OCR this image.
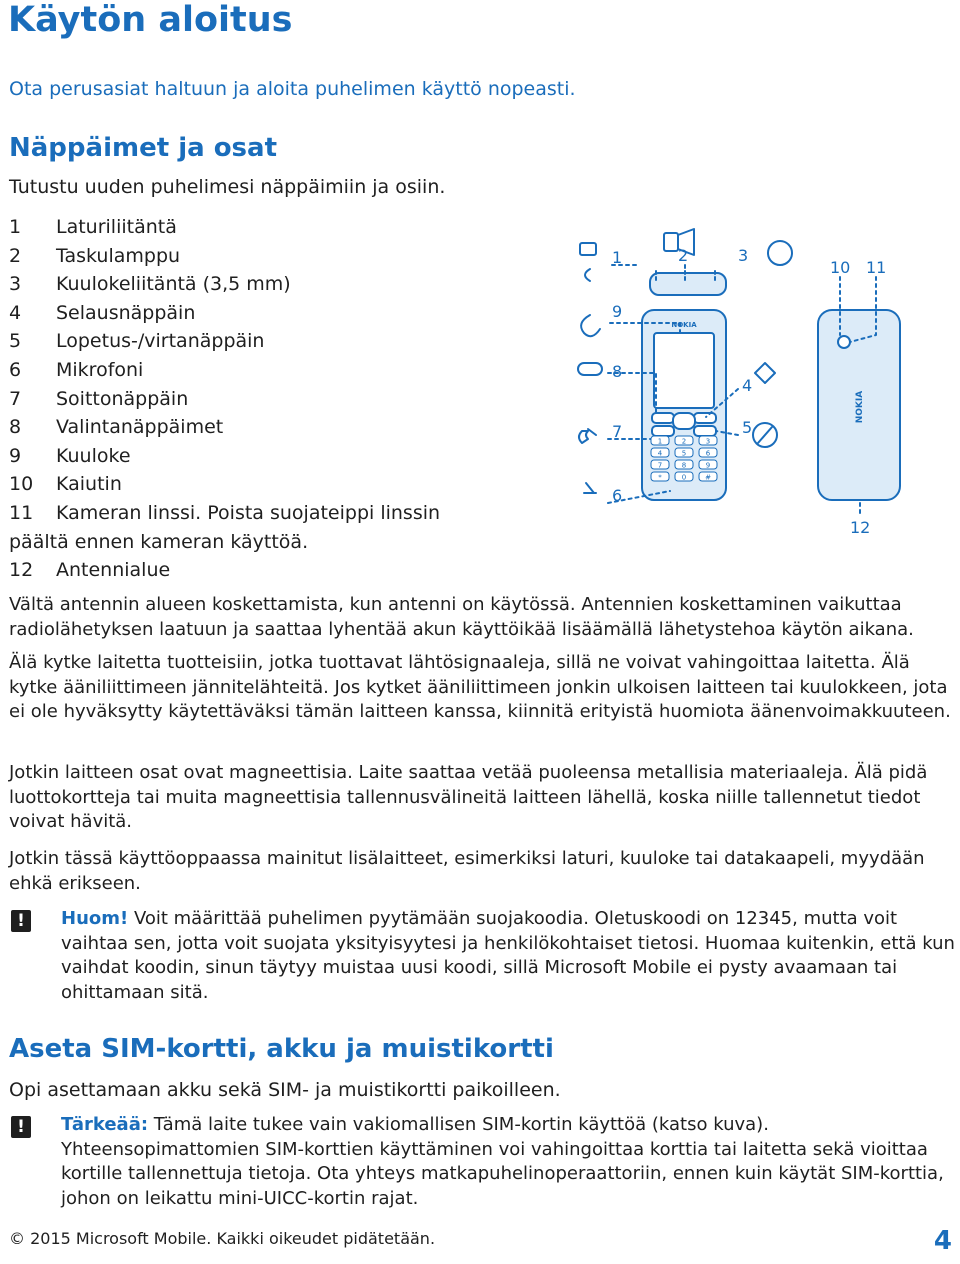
Käytön aloitus
Ota perusasiat haltuun ja aloita puhelimen käyttö nopeasti.
Näppäimet ja osat
Tutustu uuden puhelimesi näppäimiin ja osiin.
1 Laturiliitäntä
2 Taskulamppu
3 Kuulokeliitäntä (3,5 mm)
4 Selausnäppäin
5 Lopetus-/virtanäppäin
6 Mikrofoni
7 Soittonäppäin
8 Valintanäppäimet
9 Kuuloke
10 Kaiutin
11 Kameran linssi. Poista suojateippi linssin päältä ennen kameran käyttöä.
12 Antennialue
1	2	3
4
5
6
7
8
9
10 11
12
NOKIA
NOKIA
1	2	3
4	5	6
7	8	9
*	0	#
Vältä antennin alueen koskettamista, kun antenni on käytössä. Antennien koskettaminen vaikuttaa radiolähetyksen laatuun ja saattaa lyhentää akun käyttöikää lisäämällä lähetystehoa käytön aikana.
Älä kytke laitetta tuotteisiin, jotka tuottavat lähtösignaaleja, sillä ne voivat vahingoittaa laitetta. Älä kytke ääniliittimeen jännitelähteitä. Jos kytket ääniliittimeen jonkin ulkoisen laitteen tai kuulokkeen, jota ei ole hyväksytty käytettäväksi tämän laitteen kanssa, kiinnitä erityistä huomiota äänenvoimakkuuteen.
Jotkin laitteen osat ovat magneettisia. Laite saattaa vetää puoleensa metallisia materiaaleja. Älä pidä luottokortteja tai muita magneettisia tallennusvälineitä laitteen lähellä, koska niille tallennetut tiedot voivat hävitä.
Jotkin tässä käyttöoppaassa mainitut lisälaitteet, esimerkiksi laturi, kuuloke tai datakaapeli, myydään ehkä erikseen.
!	Huom! Voit määrittää puhelimen pyytämään suojakoodia. Oletuskoodi on 12345, mutta voit vaihtaa sen, jotta voit suojata yksityisyytesi ja henkilökohtaiset tietosi. Huomaa kuitenkin, että kun vaihdat koodin, sinun täytyy muistaa uusi koodi, sillä Microsoft Mobile ei pysty avaamaan tai ohittamaan sitä.
Aseta SIM-kortti, akku ja muistikortti
Opi asettamaan akku sekä SIM- ja muistikortti paikoilleen.
!	Tärkeää: Tämä laite tukee vain vakiomallisen SIM-kortin käyttöä (katso kuva). Yhteensopimattomien SIM-korttien käyttäminen voi vahingoittaa korttia tai laitetta sekä vioittaa kortille tallennettuja tietoja. Ota yhteys matkapuhelinoperaattoriin, ennen kuin käytät SIM-korttia, johon on leikattu mini-UICC-kortin rajat.
© 2015 Microsoft Mobile. Kaikki oikeudet pidätetään.	4
